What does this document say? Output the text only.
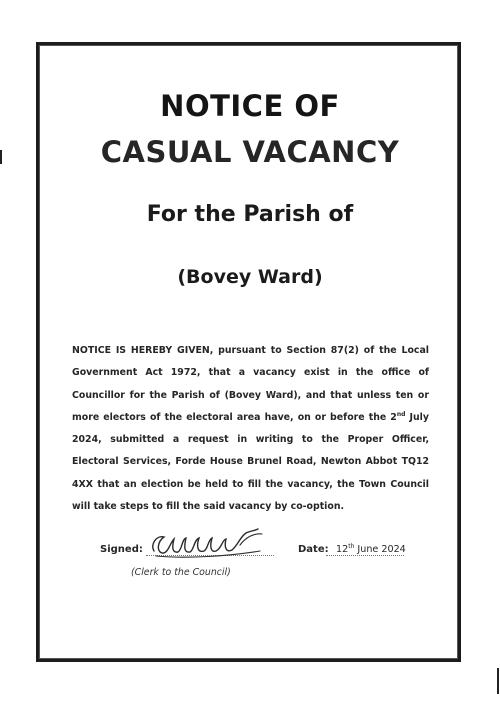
NOTICE OF
CASUAL VACANCY
For the Parish of
(Bovey Ward)

NOTICE IS HEREBY GIVEN, pursuant to Section 87(2) of the Local Government Act 1972, that a vacancy exist in the office of Councillor for the Parish of (Bovey Ward), and that unless ten or more electors of the electoral area have, on or before the 2nd July 2024, submitted a request in writing to the Proper Officer, Electoral Services, Forde House Brunel Road, Newton Abbot TQ12 4XX that an election be held to fill the vacancy, the Town Council will take steps to fill the said vacancy by co-option.

Signed:
(Clerk to the Council)
Date: 12th June 2024
